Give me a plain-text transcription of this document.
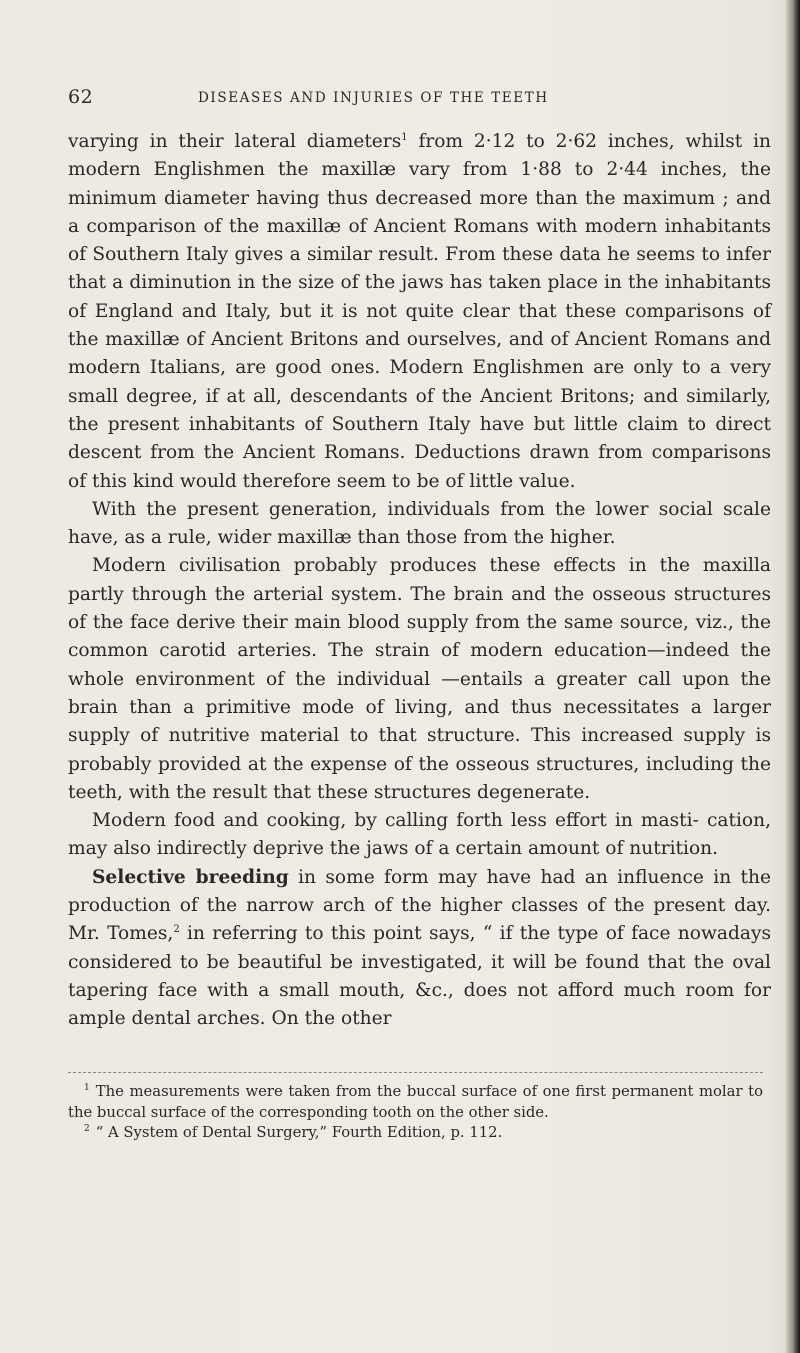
62	DISEASES AND INJURIES OF THE TEETH

varying in their lateral diameters$^1$ from 2·12 to 2·62 inches, whilst in modern Englishmen the maxillæ vary from 1·88 to 2·44 inches, the minimum diameter having thus decreased more than the maximum ; and a comparison of the maxillæ of Ancient Romans with modern inhabitants of Southern Italy gives a similar result. From these data he seems to infer that a diminution in the size of the jaws has taken place in the inhabitants of England and Italy, but it is not quite clear that these comparisons of the maxillæ of Ancient Britons and ourselves, and of Ancient Romans and modern Italians, are good ones. Modern Englishmen are only to a very small degree, if at all, descendants of the Ancient Britons; and similarly, the present inhabitants of Southern Italy have but little claim to direct descent from the Ancient Romans. Deductions drawn from comparisons of this kind would therefore seem to be of little value.

With the present generation, individuals from the lower social scale have, as a rule, wider maxillæ than those from the higher.

Modern civilisation probably produces these effects in the maxilla partly through the arterial system. The brain and the osseous structures of the face derive their main blood supply from the same source, viz., the common carotid arteries. The strain of modern education—indeed the whole environment of the individual —entails a greater call upon the brain than a primitive mode of living, and thus necessitates a larger supply of nutritive material to that structure. This increased supply is probably provided at the expense of the osseous structures, including the teeth, with the result that these structures degenerate.

Modern food and cooking, by calling forth less effort in masti- cation, may also indirectly deprive the jaws of a certain amount of nutrition.

Selective breeding in some form may have had an influence in the production of the narrow arch of the higher classes of the present day. Mr. Tomes,$^2$ in referring to this point says, “ if the type of face nowadays considered to be beautiful be investigated, it will be found that the oval tapering face with a small mouth, &c., does not afford much room for ample dental arches. On the other

$^1$ The measurements were taken from the buccal surface of one first permanent molar to the buccal surface of the corresponding tooth on the other side.

$^2$ “ A System of Dental Surgery,” Fourth Edition, p. 112.
